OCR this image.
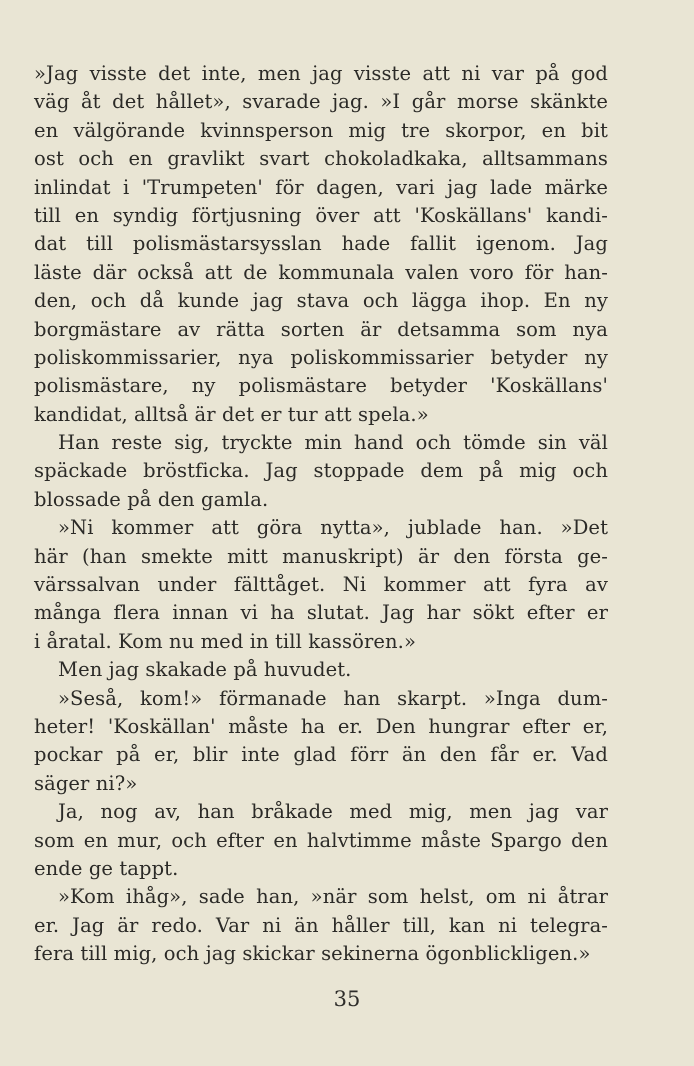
»Jag visste det inte, men jag visste att ni var på god
väg åt det hållet», svarade jag. »I går morse skänkte
en välgörande kvinnsperson mig tre skorpor, en bit
ost och en gravlikt svart chokoladkaka, alltsammans
inlindat i 'Trumpeten' för dagen, vari jag lade märke
till en syndig förtjusning över att 'Koskällans' kandi-
dat till polismästarsysslan hade fallit igenom. Jag
läste där också att de kommunala valen voro för han-
den, och då kunde jag stava och lägga ihop. En ny
borgmästare av rätta sorten är detsamma som nya
poliskommissarier, nya poliskommissarier betyder ny
polismästare, ny polismästare betyder 'Koskällans'
kandidat, alltså är det er tur att spela.»
Han reste sig, tryckte min hand och tömde sin väl
späckade bröstficka. Jag stoppade dem på mig och
blossade på den gamla.
»Ni kommer att göra nytta», jublade han. »Det
här (han smekte mitt manuskript) är den första ge-
värssalvan under fälttåget. Ni kommer att fyra av
många flera innan vi ha slutat. Jag har sökt efter er
i åratal. Kom nu med in till kassören.»
Men jag skakade på huvudet.
»Seså, kom!» förmanade han skarpt. »Inga dum-
heter! 'Koskällan' måste ha er. Den hungrar efter er,
pockar på er, blir inte glad förr än den får er. Vad
säger ni?»
Ja, nog av, han bråkade med mig, men jag var
som en mur, och efter en halvtimme måste Spargo den
ende ge tappt.
»Kom ihåg», sade han, »när som helst, om ni åtrar
er. Jag är redo. Var ni än håller till, kan ni telegra-
fera till mig, och jag skickar sekinerna ögonblickligen.»
35
